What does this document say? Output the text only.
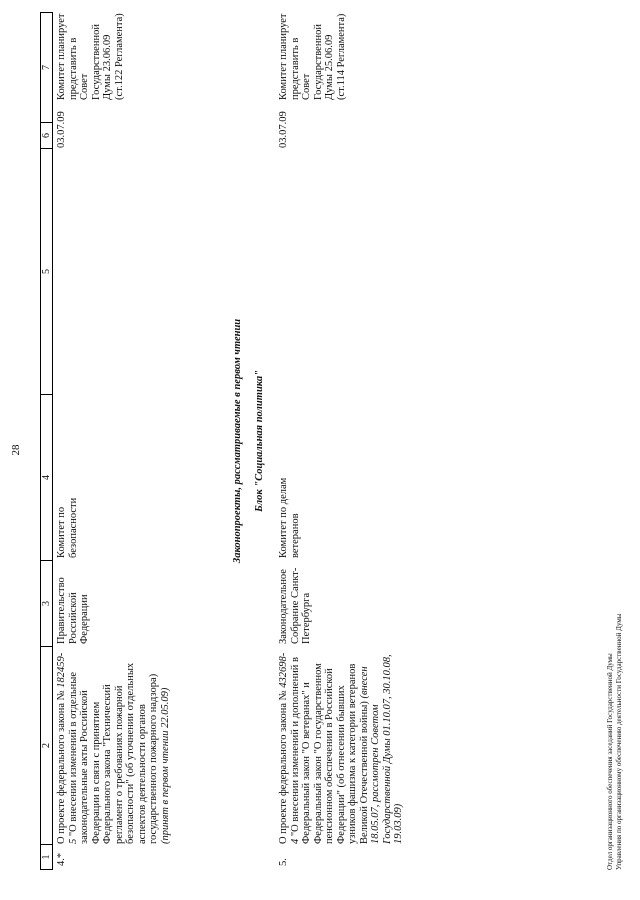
28
1
2
3
4
5
6
7
4.*
О проекте федерального закона № 182459-5 "О внесении изменений в отдельные законодательные акты Российской Федерации в связи с принятием Федерального закона "Технический регламент о требованиях пожарной безопасности" (об уточнении отдельных аспектов деятельности органов государственного пожарного надзора) (принят в первом чтении 22.05.09)
Правительство Российской Федерации
Комитет по безопасности
03.07.09
Комитет планирует представить в Совет Государственной Думы 23.06.09 (ст.122 Регламента)
Законопроекты, рассматриваемые в первом чтении Блок "Социальная политика"
5.
О проекте федерального закона № 432698-4 "О внесении изменений и дополнений в Федеральный закон "О ветеранах" и Федеральный закон "О государственном пенсионном обеспечении в Российской Федерации" (об отнесении бывших узников фашизма к категории ветеранов Великой Отечественной войны) (внесен 18.05.07, рассмотрен Советом Государственной Думы 01.10.07, 30.10.08, 19.03.09)
Законодательное Собрание Санкт-Петербурга
Комитет по делам ветеранов
03.07.09
Комитет планирует представить в Совет Государственной Думы 25.06.09 (ст.114 Регламента)
Отдел организационного обеспечения заседаний Государственной Думы Управления по организационному обеспечению деятельности Государственной Думы
